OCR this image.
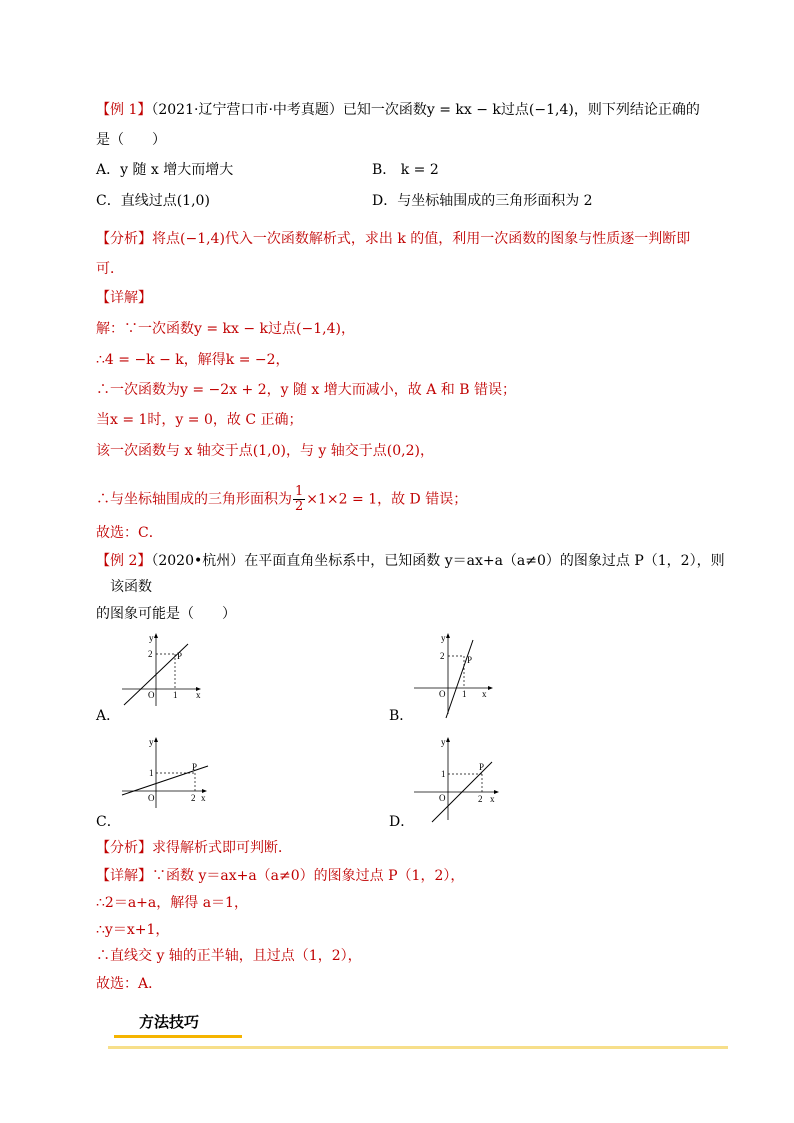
【例 1】（2021·辽宁营口市·中考真题）已知一次函数y = kx − k过点(−1,4)，则下列结论正确的
是（　　）
A．y 随 x 增大而增大	B． k = 2
C．直线过点(1,0)	D．与坐标轴围成的三角形面积为 2
【分析】将点(−1,4)代入一次函数解析式，求出 k 的值，利用一次函数的图象与性质逐一判断即
可．
【详解】
解：∵一次函数y = kx − k过点(−1,4)，
∴4 = −k − k，解得k = −2，
∴一次函数为y = −2x + 2，y 随 x 增大而减小，故 A 和 B 错误；
当x = 1时，y = 0，故 C 正确；
该一次函数与 x 轴交于点(1,0)，与 y 轴交于点(0,2)，
∴与坐标轴围成的三角形面积为 $\frac{1}{2} \times 1\times 2 = 1$，故 D 错误；
故选：C．
【例 2】（2020•杭州）在平面直角坐标系中，已知函数 y＝ax+a（a≠0）的图象过点 P（1，2），则
该函数
的图象可能是（　　）
y
2	P
O 1 x
A．
y
2	P
O 1 x
B．
y
1
P
O	2 x
C．
y
1
P
O	2 x
D．
【分析】求得解析式即可判断．
【详解】∵函数 y＝ax+a（a≠0）的图象过点 P（1，2），
∴2＝a+a，解得 a＝1，
∴y＝x+1，
∴直线交 y 轴的正半轴，且过点（1，2），
故选：A．
方法技巧
